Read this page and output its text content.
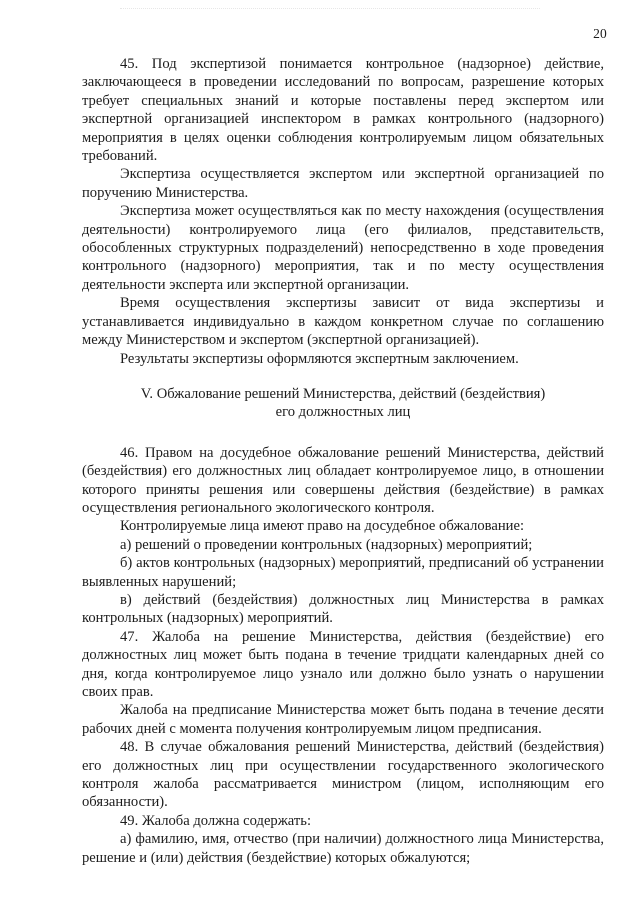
20

45. Под экспертизой понимается контрольное (надзорное) действие, заключающееся в проведении исследований по вопросам, разрешение которых требует специальных знаний и которые поставлены перед экспертом или экспертной организацией инспектором в рамках контрольного (надзорного) мероприятия в целях оценки соблюдения контролируемым лицом обязательных требований.

Экспертиза осуществляется экспертом или экспертной организацией по поручению Министерства.

Экспертиза может осуществляться как по месту нахождения (осуществления деятельности) контролируемого лица (его филиалов, представительств, обособленных структурных подразделений) непосредственно в ходе проведения контрольного (надзорного) мероприятия, так и по месту осуществления деятельности эксперта или экспертной организации.

Время осуществления экспертизы зависит от вида экспертизы и устанавливается индивидуально в каждом конкретном случае по соглашению между Министерством и экспертом (экспертной организацией).

Результаты экспертизы оформляются экспертным заключением.

V. Обжалование решений Министерства, действий (бездействия)
его должностных лиц

46. Правом на досудебное обжалование решений Министерства, действий (бездействия) его должностных лиц обладает контролируемое лицо, в отношении которого приняты решения или совершены действия (бездействие) в рамках осуществления регионального экологического контроля.

Контролируемые лица имеют право на досудебное обжалование:

а) решений о проведении контрольных (надзорных) мероприятий;

б) актов контрольных (надзорных) мероприятий, предписаний об устранении выявленных нарушений;

в) действий (бездействия) должностных лиц Министерства в рамках контрольных (надзорных) мероприятий.

47. Жалоба на решение Министерства, действия (бездействие) его должностных лиц может быть подана в течение тридцати календарных дней со дня, когда контролируемое лицо узнало или должно было узнать о нарушении своих прав.

Жалоба на предписание Министерства может быть подана в течение десяти рабочих дней с момента получения контролируемым лицом предписания.

48. В случае обжалования решений Министерства, действий (бездействия) его должностных лиц при осуществлении государственного экологического контроля жалоба рассматривается министром (лицом, исполняющим его обязанности).

49. Жалоба должна содержать:

а) фамилию, имя, отчество (при наличии) должностного лица Министерства, решение и (или) действия (бездействие) которых обжалуются;
